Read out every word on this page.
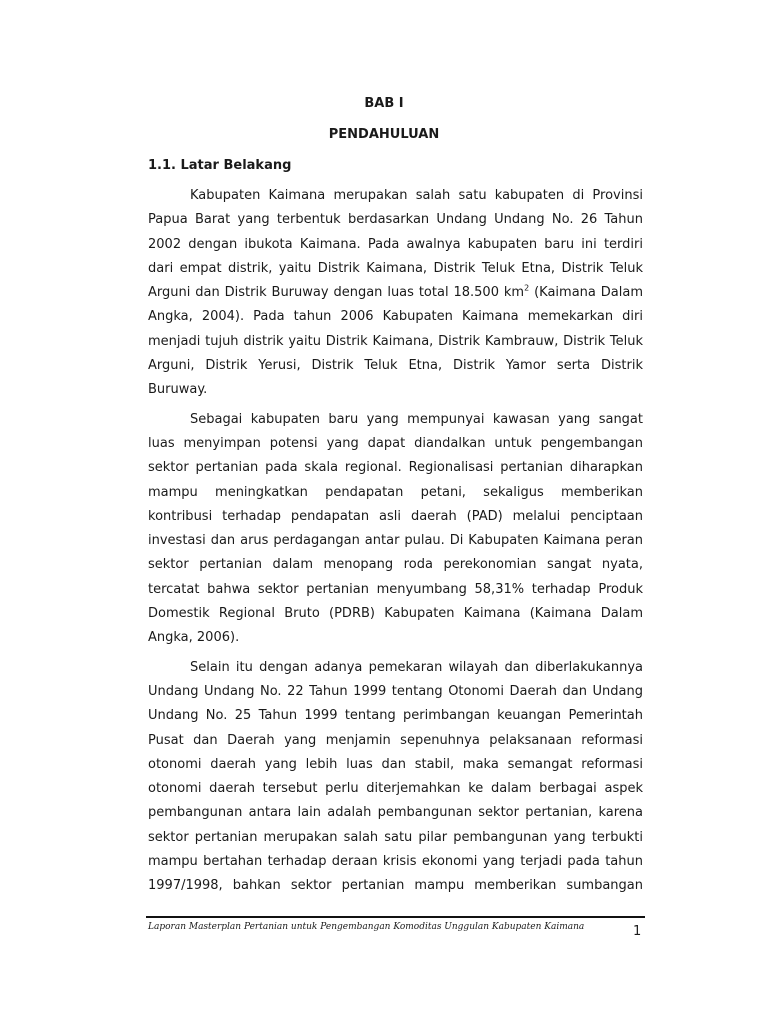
BAB I
PENDAHULUAN
1.1. Latar Belakang

Kabupaten Kaimana merupakan salah satu kabupaten di Provinsi Papua Barat yang terbentuk berdasarkan Undang Undang No. 26 Tahun 2002 dengan ibukota Kaimana. Pada awalnya kabupaten baru ini terdiri dari empat distrik, yaitu Distrik Kaimana, Distrik Teluk Etna, Distrik Teluk Arguni dan Distrik Buruway dengan luas total 18.500 $km^2$ (Kaimana Dalam Angka, 2004). Pada tahun 2006 Kabupaten Kaimana memekarkan diri menjadi tujuh distrik yaitu Distrik Kaimana, Distrik Kambrauw, Distrik Teluk Arguni, Distrik Yerusi, Distrik Teluk Etna, Distrik Yamor serta Distrik Buruway.

Sebagai kabupaten baru yang mempunyai kawasan yang sangat luas menyimpan potensi yang dapat diandalkan untuk pengembangan sektor pertanian pada skala regional. Regionalisasi pertanian diharapkan mampu meningkatkan pendapatan petani, sekaligus memberikan kontribusi terhadap pendapatan asli daerah (PAD) melalui penciptaan investasi dan arus perdagangan antar pulau. Di Kabupaten Kaimana peran sektor pertanian dalam menopang roda perekonomian sangat nyata, tercatat bahwa sektor pertanian menyumbang 58,31% terhadap Produk Domestik Regional Bruto (PDRB) Kabupaten Kaimana (Kaimana Dalam Angka, 2006).

Selain itu dengan adanya pemekaran wilayah dan diberlakukannya Undang Undang No. 22 Tahun 1999 tentang Otonomi Daerah dan Undang Undang No. 25 Tahun 1999 tentang perimbangan keuangan Pemerintah Pusat dan Daerah yang menjamin sepenuhnya pelaksanaan reformasi otonomi daerah yang lebih luas dan stabil, maka semangat reformasi otonomi daerah tersebut perlu diterjemahkan ke dalam berbagai aspek pembangunan antara lain adalah pembangunan sektor pertanian, karena sektor pertanian merupakan salah satu pilar pembangunan yang terbukti mampu bertahan terhadap deraan krisis ekonomi yang terjadi pada tahun 1997/1998, bahkan sektor pertanian mampu memberikan sumbangan

Laporan Masterplan Pertanian untuk Pengembangan Komoditas Unggulan Kabupaten Kaimana	1
